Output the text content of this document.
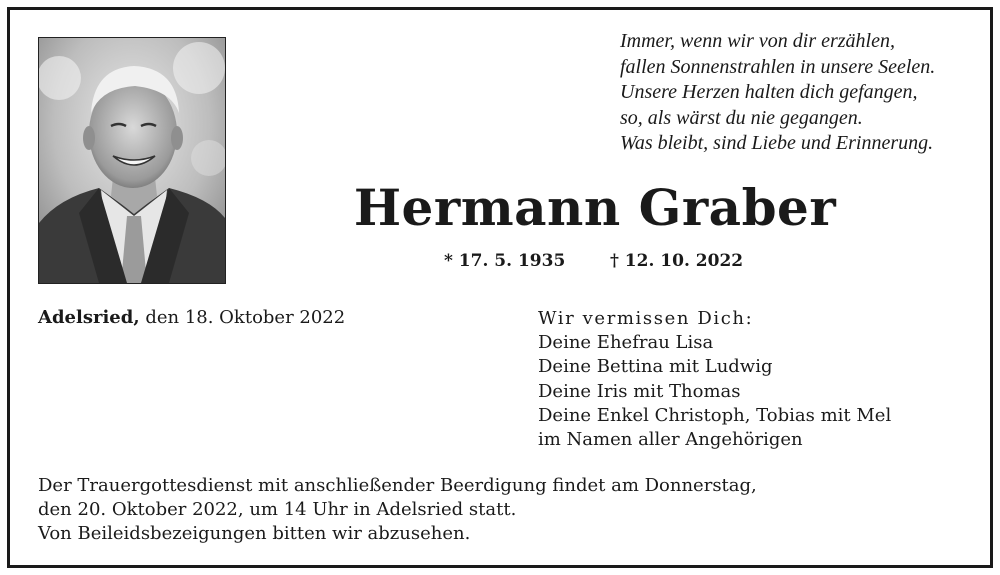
Immer, wenn wir von dir erzählen,
fallen Sonnenstrahlen in unsere Seelen.
Unsere Herzen halten dich gefangen,
so, als wärst du nie gegangen.
Was bleibt, sind Liebe und Erinnerung.
Hermann Graber
* 17. 5. 1935	† 12. 10. 2022
Adelsried, den 18. Oktober 2022	Wir vermissen Dich:
Deine Ehefrau Lisa
Deine Bettina mit Ludwig
Deine Iris mit Thomas
Deine Enkel Christoph, Tobias mit Mel
im Namen aller Angehörigen
Der Trauergottesdienst mit anschließender Beerdigung findet am Donnerstag,
den 20. Oktober 2022, um 14 Uhr in Adelsried statt.
Von Beileidsbezeigungen bitten wir abzusehen.
